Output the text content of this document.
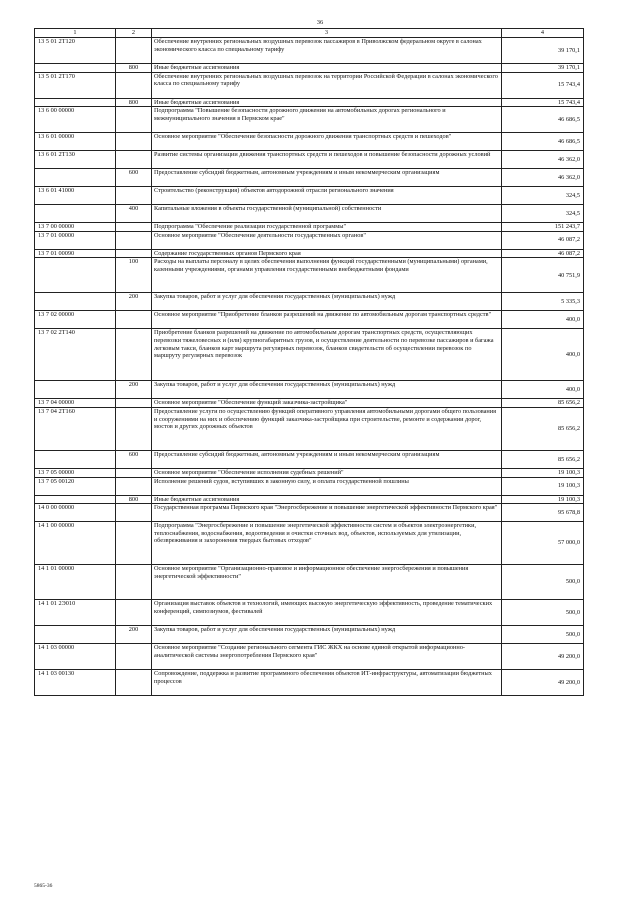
36
1	2	3	4
13 5 01 2Т120		Обеспечение внутренних региональных воздушных перевозок пассажиров в Приволжском федеральном округе в салонах экономического класса по специальному тарифу	39 170,1
	800	Иные бюджетные ассигнования	39 170,1
13 5 01 2Т170		Обеспечение внутренних региональных воздушных перевозок на территории Российской Федерации в салонах экономического класса по специальному тарифу	15 743,4
	800	Иные бюджетные ассигнования	15 743,4
13 6 00 00000		Подпрограмма "Повышение безопасности дорожного движения на автомобильных дорогах регионального и межмуниципального значения в Пермском крае"	46 686,5
13 6 01 00000		Основное мероприятие "Обеспечение безопасности дорожного движения транспортных средств и пешеходов"	46 686,5
13 6 01 2Т130		Развитие системы организации движения транспортных средств и пешеходов и повышение безопасности дорожных условий	46 362,0
	600	Предоставление субсидий бюджетным, автономным учреждениям и иным некоммерческим организациям	46 362,0
13 6 01 41000		Строительство (реконструкция) объектов автодорожной отрасли регионального значения	324,5
	400	Капитальные вложения в объекты государственной (муниципальной) собственности	324,5
13 7 00 00000		Подпрограмма "Обеспечение реализации государственной программы"	151 243,7
13 7 01 00000		Основное мероприятие "Обеспечение деятельности государственных органов"	46 087,2
13 7 01 00090		Содержание государственных органов Пермского края	46 087,2
	100	Расходы на выплаты персоналу в целях обеспечения выполнения функций государственными (муниципальными) органами, казенными учреждениями, органами управления государственными внебюджетными фондами	40 751,9
	200	Закупка товаров, работ и услуг для обеспечения государственных (муниципальных) нужд	5 335,3
13 7 02 00000		Основное мероприятие "Приобретение бланков разрешений на движение по автомобильным дорогам транспортных средств"	400,0
13 7 02 2Т140		Приобретение бланков разрешений на движение по автомобильным дорогам транспортных средств, осуществляющих перевозки тяжеловесных и (или) крупногабаритных грузов, и осуществление деятельности по перевозке пассажиров и багажа легковым такси, бланков карт маршрута регулярных перевозок, бланков свидетельств об осуществлении перевозок по маршруту регулярных перевозок	400,0
	200	Закупка товаров, работ и услуг для обеспечения государственных (муниципальных) нужд	400,0
13 7 04 00000		Основное мероприятие "Обеспечение функций заказчика-застройщика"	85 656,2
13 7 04 2Т160		Предоставление услуги по осуществлению функций оперативного управления автомобильными дорогами общего пользования и сооружениями на них и обеспечению функций заказчика-застройщика при строительстве, ремонте и содержании дорог, мостов и других дорожных объектов	85 656,2
	600	Предоставление субсидий бюджетным, автономным учреждениям и иным некоммерческим организациям	85 656,2
13 7 05 00000		Основное мероприятие "Обеспечение исполнения судебных решений"	19 100,3
13 7 05 00120		Исполнение решений судов, вступивших в законную силу, и оплата государственной пошлины	19 100,3
	800	Иные бюджетные ассигнования	19 100,3
14 0 00 00000		Государственная программа Пермского края "Энергосбережение и повышение энергетической эффективности Пермского края"	95 678,8
14 1 00 00000		Подпрограмма "Энергосбережение и повышение энергетической эффективности систем и объектов электроэнергетики, теплоснабжения, водоснабжения, водоотведения и очистки сточных вод, объектов, используемых для утилизации, обезвреживания и захоронения твердых бытовых отходов"	57 000,0
14 1 01 00000		Основное мероприятие "Организационно-правовое и информационное обеспечение энергосбережения и повышения энергетической эффективности"	500,0
14 1 01 2Э010		Организация выставок объектов и технологий, имеющих высокую энергетическую эффективность, проведение тематических конференций, симпозиумов, фестивалей	500,0
	200	Закупка товаров, работ и услуг для обеспечения государственных (муниципальных) нужд	500,0
14 1 03 00000		Основное мероприятие "Создание регионального сегмента ГИС ЖКХ на основе единой открытой информационно-аналитической системы энергопотребления Пермского края"	49 200,0
14 1 03 00130		Сопровождение, поддержка и развитие программного обеспечения объектов ИТ-инфраструктуры, автоматизации бюджетных процессов	49 200,0
5865-36
